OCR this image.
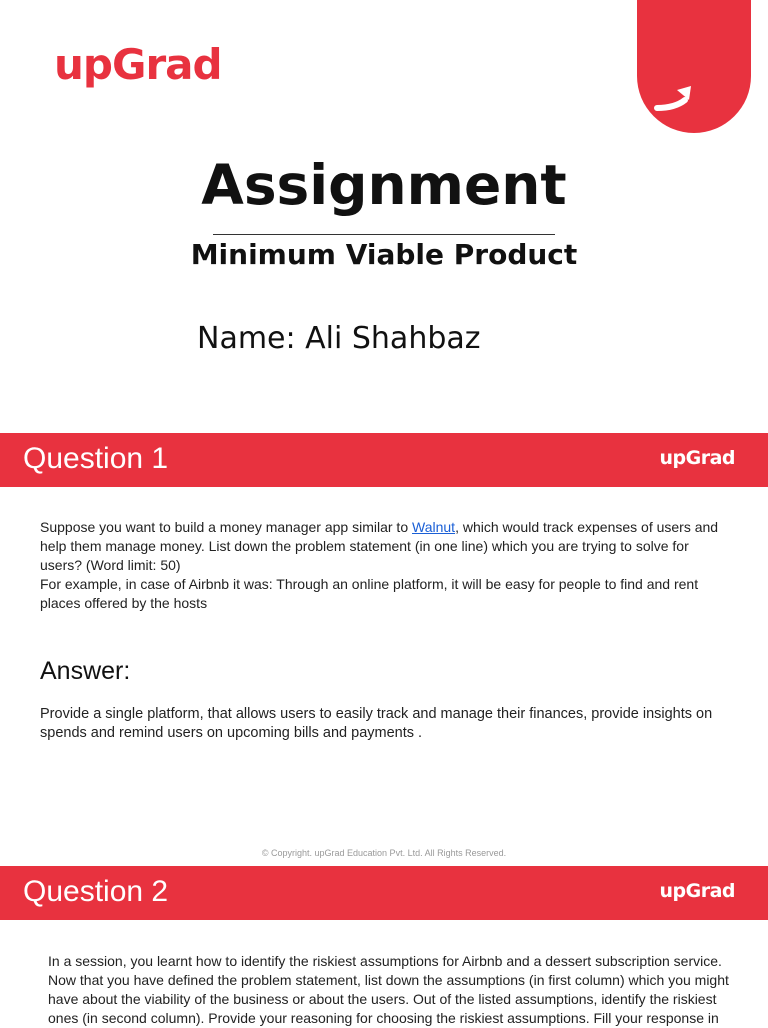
upGrad
Assignment
Minimum Viable Product
Name: Ali Shahbaz
Question 1	upGrad

Suppose you want to build a money manager app similar to Walnut, which would track expenses of users and help them manage money. List down the problem statement (in one line) which you are trying to solve for users? (Word limit: 50)

For example, in case of Airbnb it was: Through an online platform, it will be easy for people to find and rent places offered by the hosts

Answer:
Provide a single platform, that allows users to easily track and manage their finances, provide insights on spends and remind users on upcoming bills and payments .
© Copyright. upGrad Education Pvt. Ltd. All Rights Reserved.
Question 2	upGrad
In a session, you learnt how to identify the riskiest assumptions for Airbnb and a dessert subscription service. Now that you have defined the problem statement, list down the assumptions (in first column) which you might have about the viability of the business or about the users. Out of the listed assumptions, identify the riskiest ones (in second column). Provide your reasoning for choosing the riskiest assumptions. Fill your response in
